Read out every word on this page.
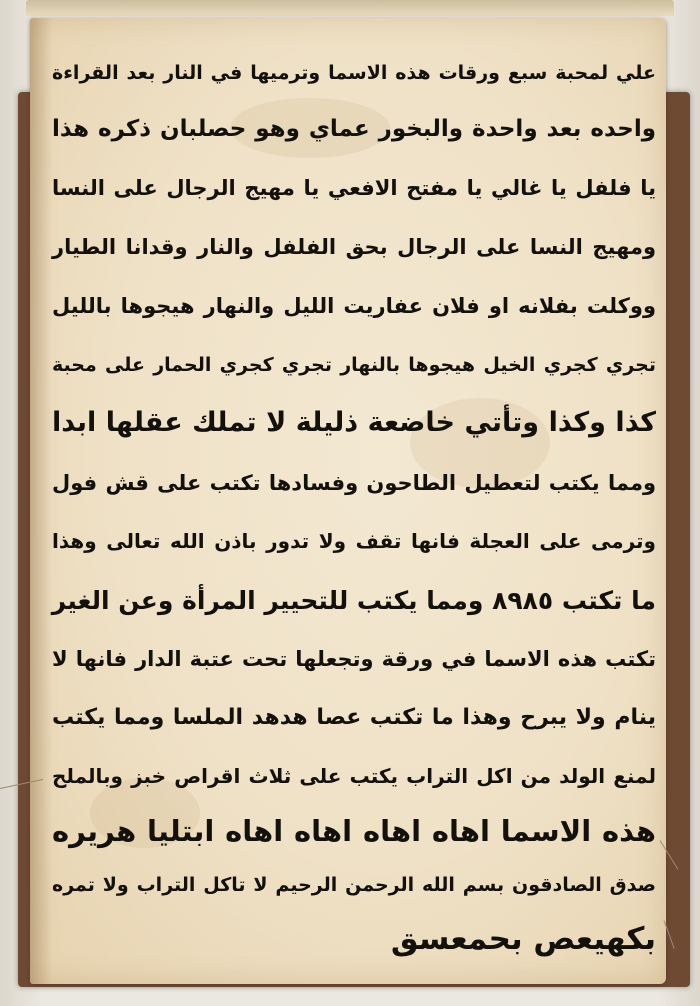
علي لمحبة سبع ورقات هذه الاسما وترميها في النار بعد القراءة
واحده بعد واحدة والبخور عماي وهو حصلبان ذكره هذا
يا فلفل يا غالي يا مفتح الافعي يا مهيج الرجال على النسا
ومهيج النسا على الرجال بحق الفلفل والنار وقدانا الطيار
ووكلت بفلانه او فلان عفاريت الليل والنهار هيجوها بالليل
تجري كجري الخيل هيجوها بالنهار تجري كجري الحمار على محبة
كذا وكذا وتأتي خاضعة ذليلة لا تملك عقلها ابدا
ومما يكتب لتعطيل الطاحون وفسادها تكتب على قش فول
وترمى على العجلة فانها تقف ولا تدور باذن الله تعالى وهذا
ما تكتب ٨٩٨٥ ومما يكتب للتحيير المرأة وعن الغير
تكتب هذه الاسما في ورقة وتجعلها تحت عتبة الدار فانها لا
ينام ولا يبرح وهذا ما تكتب عصا هدهد الملسا ومما يكتب
لمنع الولد من اكل التراب يكتب على ثلاث اقراص خبز وبالملح
هذه الاسما اهاه اهاه اهاه اهاه ابتليا هريره
صدق الصادقون بسم الله الرحمن الرحيم لا تاكل التراب ولا تمره
بكهيعص بحمعسق
